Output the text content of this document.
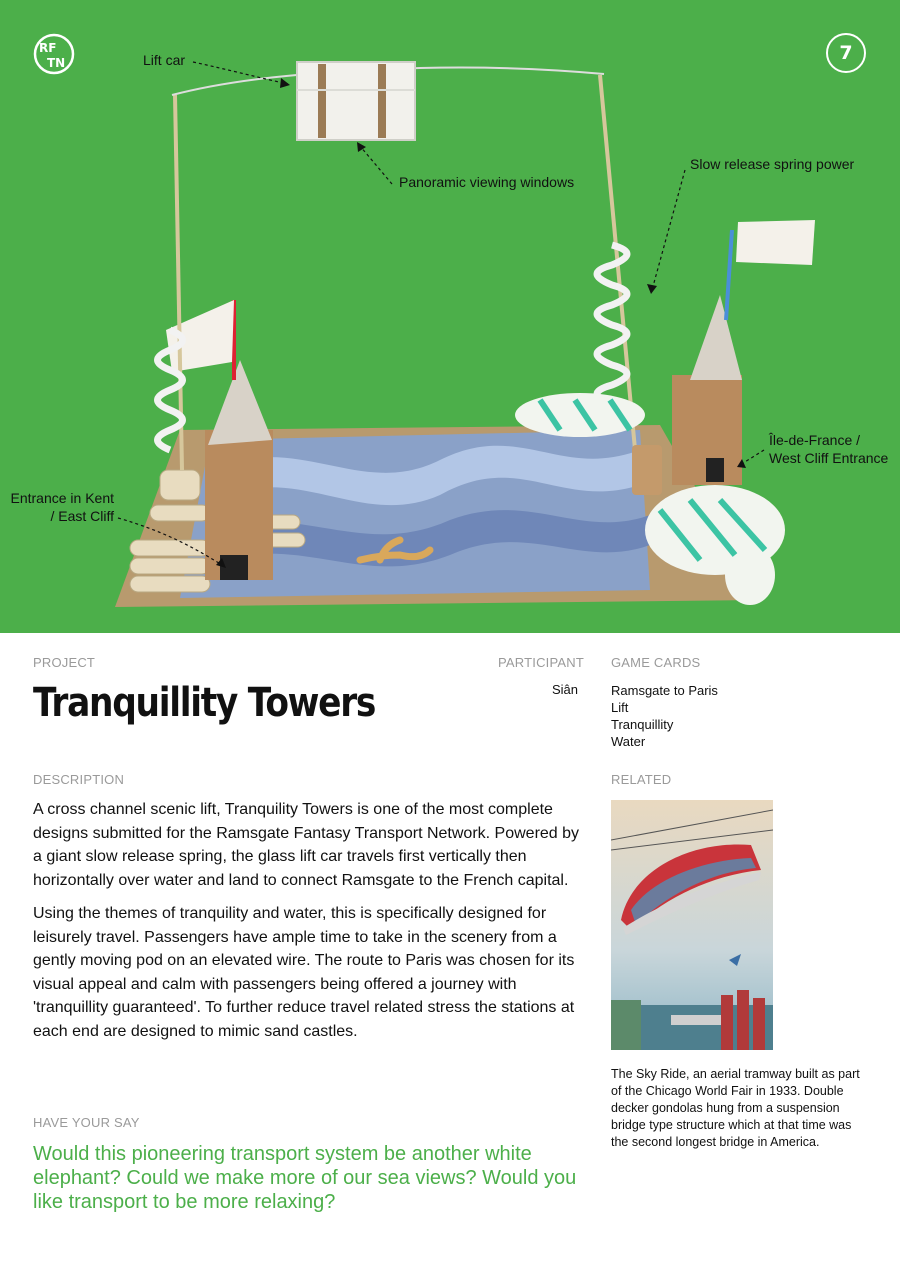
RF
TN	7
Lift car
Panoramic viewing windows
Slow release spring power
Île-de-France /
West Cliff Entrance
Entrance in Kent
/ East Cliff
PROJECT
Tranquillity Towers
PARTICIPANT
Siân
GAME CARDS
Ramsgate to Paris
Lift
Tranquillity
Water
DESCRIPTION

A cross channel scenic lift, Tranquility Towers is one of the most complete designs submitted for the Ramsgate Fantasy Transport Network. Powered by a giant slow release spring, the glass lift car travels first vertically then horizontally over water and land to connect Ramsgate to the French capital.

Using the themes of tranquility and water, this is specifically designed for leisurely travel. Passengers have ample time to take in the scenery from a gently moving pod on an elevated wire. The route to Paris was chosen for its visual appeal and calm with passengers being offered a journey with 'tranquillity guaranteed'. To further reduce travel related stress the stations at each end are designed to mimic sand castles.

HAVE YOUR SAY
Would this pioneering transport system be another white elephant? Could we make more of our sea views? Would you like transport to be more relaxing?
RELATED
The Sky Ride, an aerial tramway built as part of the Chicago World Fair in 1933. Double decker gondolas hung from a suspension bridge type structure which at that time was the second longest bridge in America.
